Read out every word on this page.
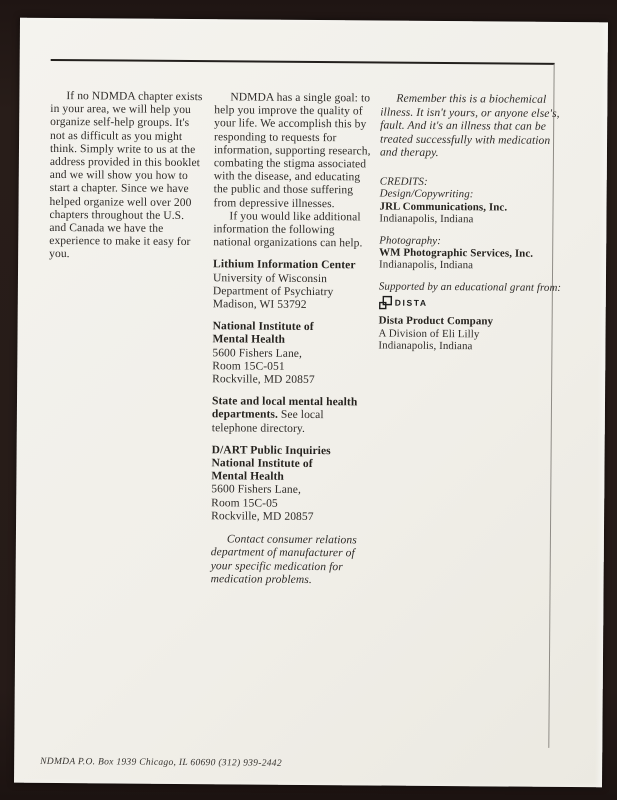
If no NDMDA chapter exists in your area, we will help you organize self-help groups. It's not as difficult as you might think. Simply write to us at the address provided in this booklet and we will show you how to start a chapter. Since we have helped organize well over 200 chapters throughout the U.S. and Canada we have the experience to make it easy for you.

NDMDA has a single goal: to help you improve the quality of your life. We accomplish this by responding to requests for information, supporting research, combating the stigma associated with the disease, and educating the public and those suffering from depressive illnesses.

If you would like additional information the following national organizations can help.

Lithium Information Center
University of Wisconsin
Department of Psychiatry
Madison, WI 53792
National Institute of
Mental Health
5600 Fishers Lane,
Room 15C-051
Rockville, MD 20857

State and local mental health departments. See local telephone directory.

D/ART Public Inquiries
National Institute of
Mental Health
5600 Fishers Lane,
Room 15C-05
Rockville, MD 20857

Contact consumer relations department of manufacturer of your specific medication for medication problems.

Remember this is a biochemical illness. It isn't yours, or anyone else's, fault. And it's an illness that can be treated successfully with medication and therapy.

CREDITS:
Design/Copywriting:
JRL Communications, Inc.
Indianapolis, Indiana
Photography:
WM Photographic Services, Inc.
Indianapolis, Indiana
Supported by an educational grant from:
DISTA
Dista Product Company
A Division of Eli Lilly
Indianapolis, Indiana
NDMDA P.O. Box 1939 Chicago, IL 60690 (312) 939-2442
